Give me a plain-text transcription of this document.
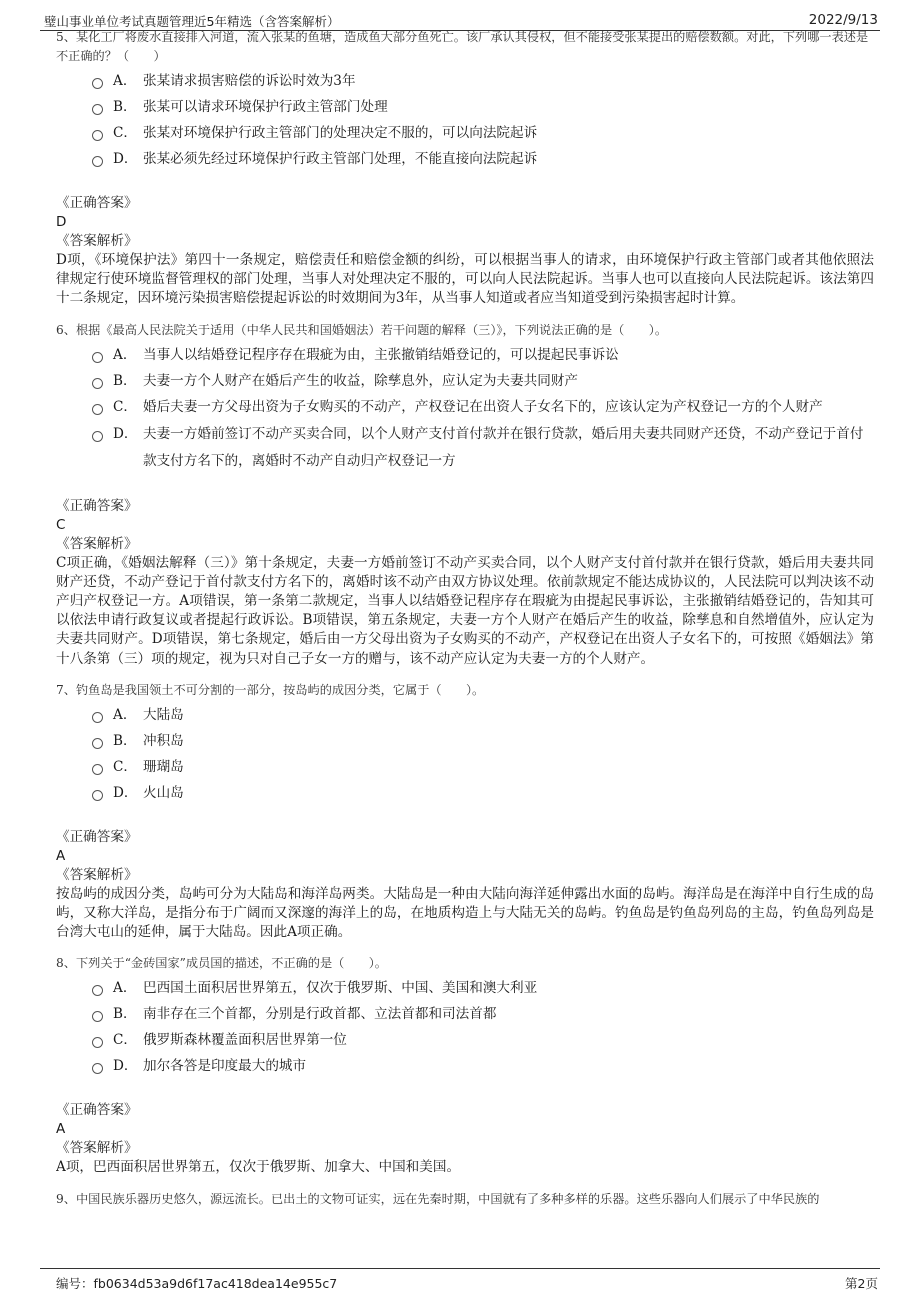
璧山事业单位考试真题管理近5年精选（含答案解析）	2022/9/13
5、某化工厂将废水直接排入河道，流入张某的鱼塘，造成鱼大部分鱼死亡。该厂承认其侵权，但不能接受张某提出的赔偿数额。对此，下列哪一表述是不正确的？（　　）
A． 张某请求损害赔偿的诉讼时效为3年
B． 张某可以请求环境保护行政主管部门处理
C． 张某对环境保护行政主管部门的处理决定不服的，可以向法院起诉
D． 张某必须先经过环境保护行政主管部门处理，不能直接向法院起诉
《正确答案》
D
《答案解析》
D项，《环境保护法》第四十一条规定，赔偿责任和赔偿金额的纠纷，可以根据当事人的请求，由环境保护行政主管部门或者其他依照法律规定行使环境监督管理权的部门处理，当事人对处理决定不服的，可以向人民法院起诉。当事人也可以直接向人民法院起诉。该法第四十二条规定，因环境污染损害赔偿提起诉讼的时效期间为3年，从当事人知道或者应当知道受到污染损害起时计算。
6、根据《最高人民法院关于适用（中华人民共和国婚姻法）若干问题的解释（三）》，下列说法正确的是（　　）。
A． 当事人以结婚登记程序存在瑕疵为由，主张撤销结婚登记的，可以提起民事诉讼
B． 夫妻一方个人财产在婚后产生的收益，除孳息外，应认定为夫妻共同财产
C． 婚后夫妻一方父母出资为子女购买的不动产，产权登记在出资人子女名下的，应该认定为产权登记一方的个人财产
D． 夫妻一方婚前签订不动产买卖合同，以个人财产支付首付款并在银行贷款，婚后用夫妻共同财产还贷，不动产登记于首付款支付方名下的，离婚时不动产自动归产权登记一方
《正确答案》
C
《答案解析》
C项正确，《婚姻法解释（三）》第十条规定，夫妻一方婚前签订不动产买卖合同，以个人财产支付首付款并在银行贷款，婚后用夫妻共同财产还贷，不动产登记于首付款支付方名下的，离婚时该不动产由双方协议处理。依前款规定不能达成协议的，人民法院可以判决该不动产归产权登记一方。A项错误，第一条第二款规定，当事人以结婚登记程序存在瑕疵为由提起民事诉讼，主张撤销结婚登记的，告知其可以依法申请行政复议或者提起行政诉讼。B项错误，第五条规定，夫妻一方个人财产在婚后产生的收益，除孳息和自然增值外，应认定为夫妻共同财产。D项错误，第七条规定，婚后由一方父母出资为子女购买的不动产，产权登记在出资人子女名下的，可按照《婚姻法》第十八条第（三）项的规定，视为只对自己子女一方的赠与，该不动产应认定为夫妻一方的个人财产。
7、钓鱼岛是我国领土不可分割的一部分，按岛屿的成因分类，它属于（　　）。
A． 大陆岛
B． 冲积岛
C． 珊瑚岛
D． 火山岛
《正确答案》
A
《答案解析》
按岛屿的成因分类，岛屿可分为大陆岛和海洋岛两类。大陆岛是一种由大陆向海洋延伸露出水面的岛屿。海洋岛是在海洋中自行生成的岛屿，又称大洋岛，是指分布于广阔而又深邃的海洋上的岛，在地质构造上与大陆无关的岛屿。钓鱼岛是钓鱼岛列岛的主岛，钓鱼岛列岛是台湾大屯山的延伸，属于大陆岛。因此A项正确。
8、下列关于“金砖国家”成员国的描述，不正确的是（　　）。
A． 巴西国土面积居世界第五，仅次于俄罗斯、中国、美国和澳大利亚
B． 南非存在三个首都，分别是行政首都、立法首都和司法首都
C． 俄罗斯森林覆盖面积居世界第一位
D． 加尔各答是印度最大的城市
《正确答案》
A
《答案解析》
A项，巴西面积居世界第五，仅次于俄罗斯、加拿大、中国和美国。
9、中国民族乐器历史悠久，源远流长。已出土的文物可证实，远在先秦时期，中国就有了多种多样的乐器。这些乐器向人们展示了中华民族的
编号：fb0634d53a9d6f17ac418dea14e955c7	第2页
